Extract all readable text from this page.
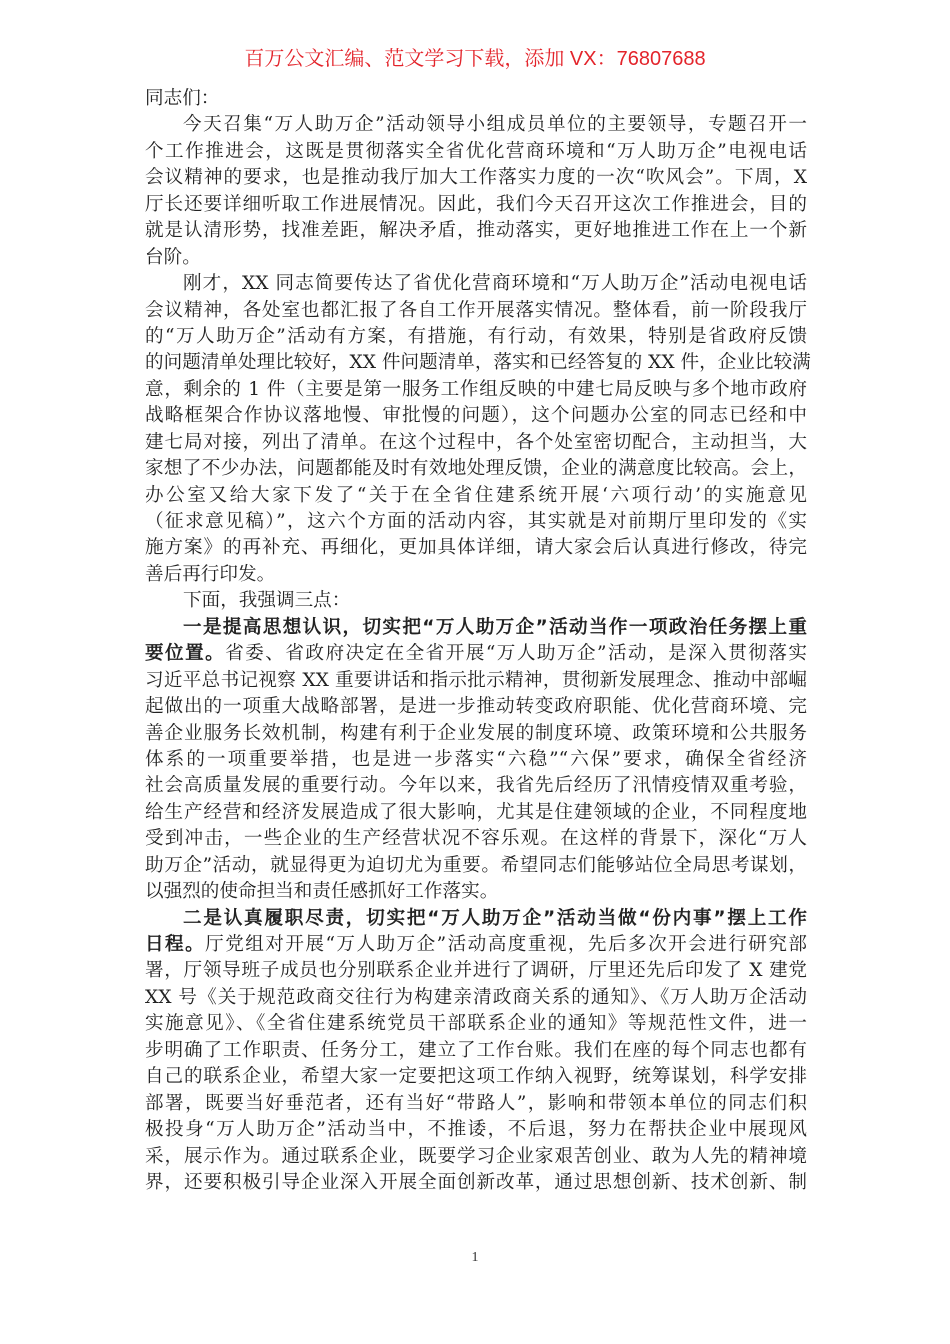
百万公文汇编、范文学习下载，添加 VX：76807688
同志们：
今天召集“万人助万企”活动领导小组成员单位的主要领导，专题召开一
个工作推进会，这既是贯彻落实全省优化营商环境和“万人助万企”电视电话
会议精神的要求，也是推动我厅加大工作落实力度的一次“吹风会”。下周，X
厅长还要详细听取工作进展情况。因此，我们今天召开这次工作推进会，目的
就是认清形势，找准差距，解决矛盾，推动落实，更好地推进工作在上一个新
台阶。
刚才，XX 同志简要传达了省优化营商环境和“万人助万企”活动电视电话
会议精神，各处室也都汇报了各自工作开展落实情况。整体看，前一阶段我厅
的“万人助万企”活动有方案，有措施，有行动，有效果，特别是省政府反馈
的问题清单处理比较好，XX 件问题清单，落实和已经答复的 XX 件，企业比较满
意，剩余的 1 件（主要是第一服务工作组反映的中建七局反映与多个地市政府
战略框架合作协议落地慢、审批慢的问题），这个问题办公室的同志已经和中
建七局对接，列出了清单。在这个过程中，各个处室密切配合，主动担当，大
家想了不少办法，问题都能及时有效地处理反馈，企业的满意度比较高。会上，
办公室又给大家下发了“关于在全省住建系统开展‘六项行动’的实施意见
（征求意见稿）”，这六个方面的活动内容，其实就是对前期厅里印发的《实
施方案》的再补充、再细化，更加具体详细，请大家会后认真进行修改，待完
善后再行印发。
下面，我强调三点：
一是提高思想认识，切实把“万人助万企”活动当作一项政治任务摆上重
要位置。省委、省政府决定在全省开展“万人助万企”活动，是深入贯彻落实
习近平总书记视察 XX 重要讲话和指示批示精神，贯彻新发展理念、推动中部崛
起做出的一项重大战略部署，是进一步推动转变政府职能、优化营商环境、完
善企业服务长效机制，构建有利于企业发展的制度环境、政策环境和公共服务
体系的一项重要举措，也是进一步落实“六稳”“六保”要求，确保全省经济
社会高质量发展的重要行动。今年以来，我省先后经历了汛情疫情双重考验，
给生产经营和经济发展造成了很大影响，尤其是住建领域的企业，不同程度地
受到冲击，一些企业的生产经营状况不容乐观。在这样的背景下，深化“万人
助万企”活动，就显得更为迫切尤为重要。希望同志们能够站位全局思考谋划，
以强烈的使命担当和责任感抓好工作落实。
二是认真履职尽责，切实把“万人助万企”活动当做“份内事”摆上工作
日程。厅党组对开展“万人助万企”活动高度重视，先后多次开会进行研究部
署，厅领导班子成员也分别联系企业并进行了调研，厅里还先后印发了 X 建党
XX 号《关于规范政商交往行为构建亲清政商关系的通知》、《万人助万企活动
实施意见》、《全省住建系统党员干部联系企业的通知》等规范性文件，进一
步明确了工作职责、任务分工，建立了工作台账。我们在座的每个同志也都有
自己的联系企业，希望大家一定要把这项工作纳入视野，统筹谋划，科学安排
部署，既要当好垂范者，还有当好“带路人”，影响和带领本单位的同志们积
极投身“万人助万企”活动当中，不推诿，不后退，努力在帮扶企业中展现风
采，展示作为。通过联系企业，既要学习企业家艰苦创业、敢为人先的精神境
界，还要积极引导企业深入开展全面创新改革，通过思想创新、技术创新、制
1
